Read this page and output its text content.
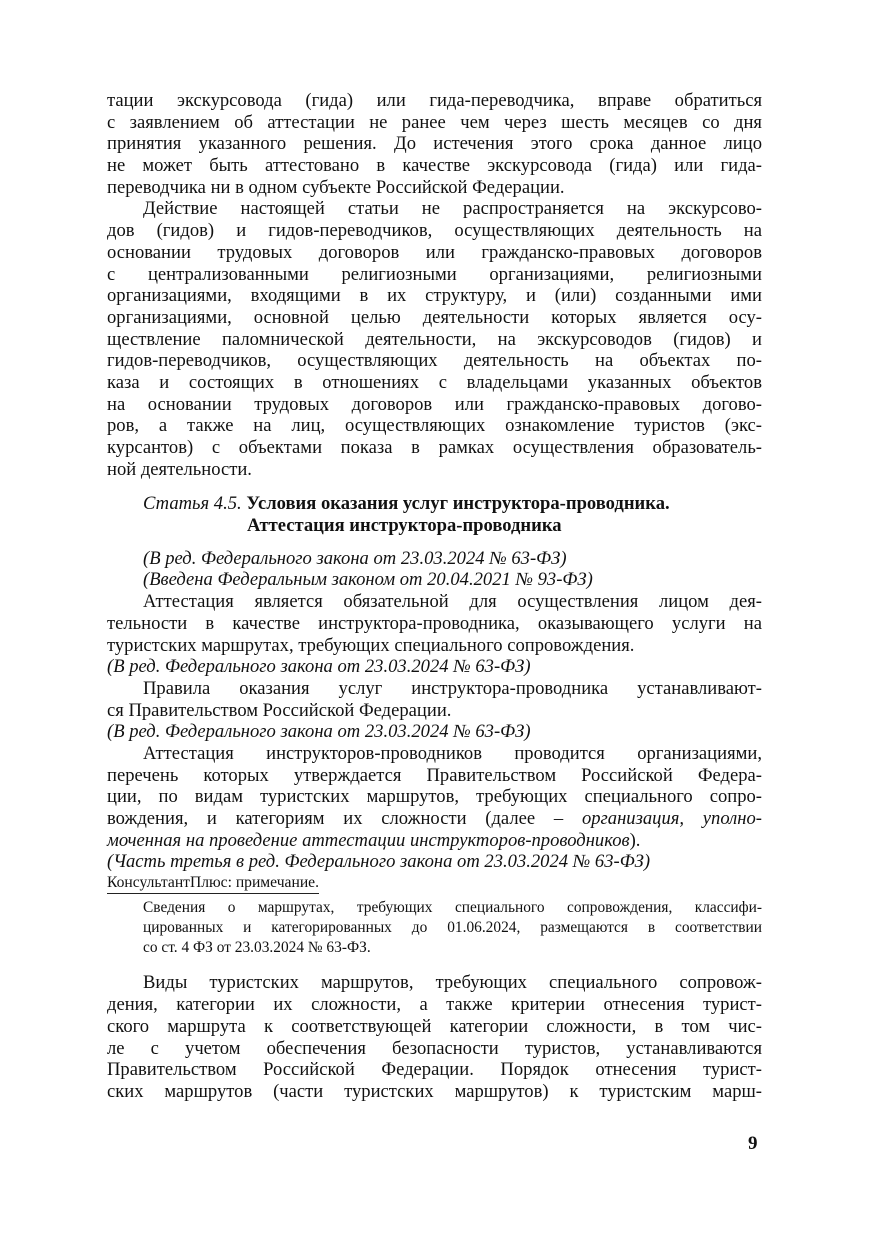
тации экскурсовода (гида) или гида-переводчика, вправе обратиться
с заявлением об аттестации не ранее чем через шесть месяцев со дня
принятия указанного решения. До истечения этого срока данное лицо
не может быть аттестовано в качестве экскурсовода (гида) или гида-
переводчика ни в одном субъекте Российской Федерации.
Действие настоящей статьи не распространяется на экскурсово-
дов (гидов) и гидов-переводчиков, осуществляющих деятельность на
основании трудовых договоров или гражданско-правовых договоров
с централизованными религиозными организациями, религиозными
организациями, входящими в их структуру, и (или) созданными ими
организациями, основной целью деятельности которых является осу-
ществление паломнической деятельности, на экскурсоводов (гидов) и
гидов-переводчиков, осуществляющих деятельность на объектах по-
каза и состоящих в отношениях с владельцами указанных объектов
на основании трудовых договоров или гражданско-правовых догово-
ров, а также на лиц, осуществляющих ознакомление туристов (экс-
курсантов) с объектами показа в рамках осуществления образователь-
ной деятельности.
Статья 4.5. Условия оказания услуг инструктора-проводника.
Аттестация инструктора-проводника
(В ред. Федерального закона от 23.03.2024 № 63-ФЗ)
(Введена Федеральным законом от 20.04.2021 № 93-ФЗ)
Аттестация является обязательной для осуществления лицом дея-
тельности в качестве инструктора-проводника, оказывающего услуги на
туристских маршрутах, требующих специального сопровождения.
(В ред. Федерального закона от 23.03.2024 № 63-ФЗ)
Правила оказания услуг инструктора-проводника устанавливают-
ся Правительством Российской Федерации.
(В ред. Федерального закона от 23.03.2024 № 63-ФЗ)
Аттестация инструкторов-проводников проводится организациями,
перечень которых утверждается Правительством Российской Федера-
ции, по видам туристских маршрутов, требующих специального сопро-
вождения, и категориям их сложности (далее – организация, уполно-
моченная на проведение аттестации инструкторов-проводников).
(Часть третья в ред. Федерального закона от 23.03.2024 № 63-ФЗ)
КонсультантПлюс: примечание.
Сведения о маршрутах, требующих специального сопровождения, классифи-
цированных и категорированных до 01.06.2024, размещаются в соответствии
со ст. 4 ФЗ от 23.03.2024 № 63-ФЗ.
Виды туристских маршрутов, требующих специального сопровож-
дения, категории их сложности, а также критерии отнесения турист-
ского маршрута к соответствующей категории сложности, в том чис-
ле с учетом обеспечения безопасности туристов, устанавливаются
Правительством Российской Федерации. Порядок отнесения турист-
ских маршрутов (части туристских маршрутов) к туристским марш-
9
